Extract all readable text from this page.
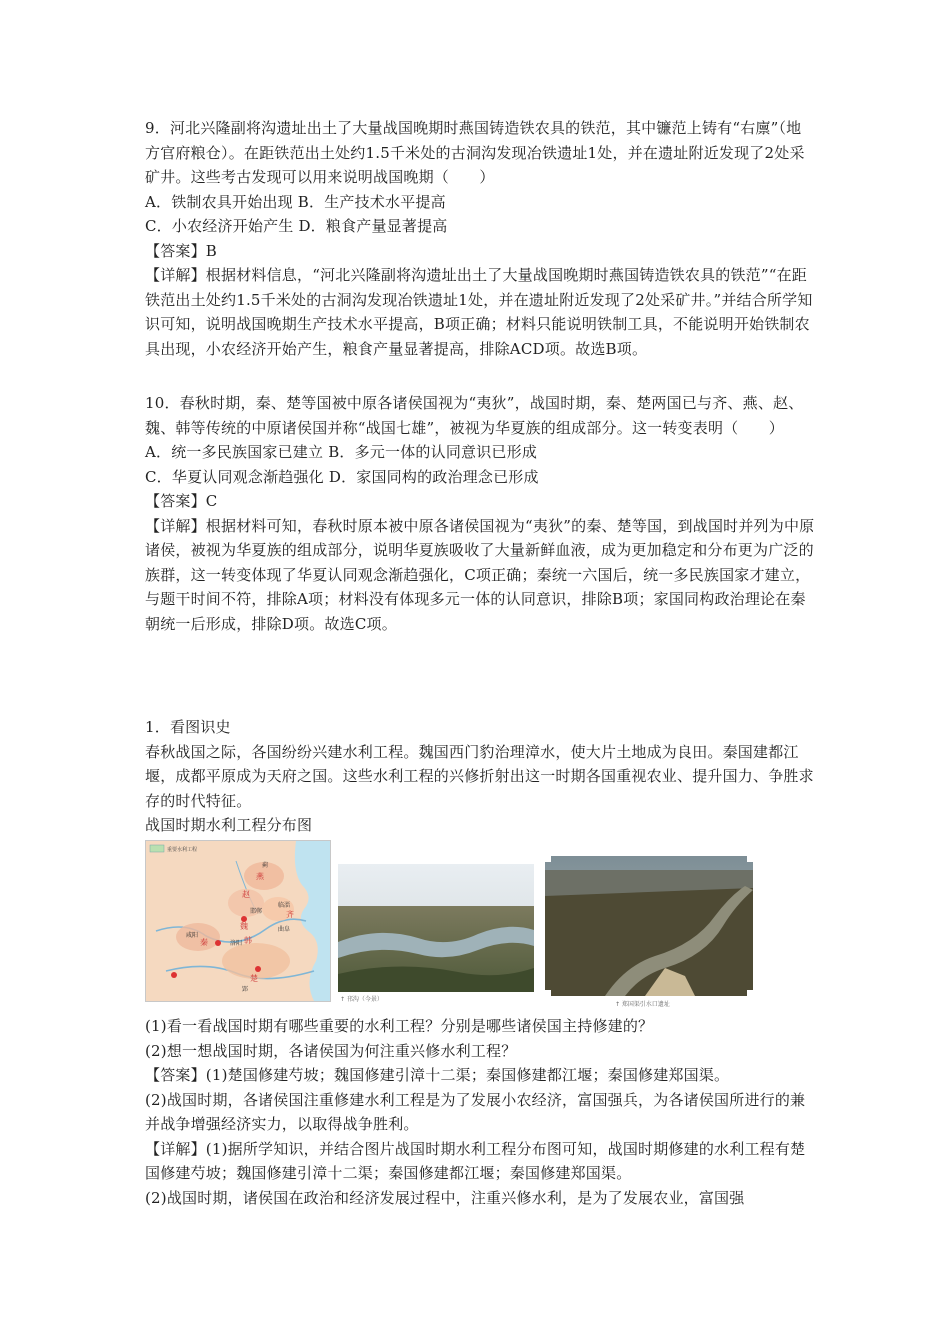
9．河北兴隆副将沟遗址出土了大量战国晚期时燕国铸造铁农具的铁范，其中镰范上铸有“右廪”（地方官府粮仓）。在距铁范出土处约1.5千米处的古洞沟发现冶铁遗址1处，并在遗址附近发现了2处采矿井。这些考古发现可以用来说明战国晚期（　　）

A．铁制农具开始出现 B．生产技术水平提高

C．小农经济开始产生 D．粮食产量显著提高

【答案】B

【详解】根据材料信息，“河北兴隆副将沟遗址出土了大量战国晚期时燕国铸造铁农具的铁范”“在距铁范出土处约1.5千米处的古洞沟发现冶铁遗址1处，并在遗址附近发现了2处采矿井。”并结合所学知识可知，说明战国晚期生产技术水平提高，B项正确；材料只能说明铁制工具，不能说明开始铁制农具出现，小农经济开始产生，粮食产量显著提高，排除ACD项。故选B项。

10．春秋时期，秦、楚等国被中原各诸侯国视为“夷狄”，战国时期，秦、楚两国已与齐、燕、赵、魏、韩等传统的中原诸侯国并称“战国七雄”，被视为华夏族的组成部分。这一转变表明（　　）

A．统一多民族国家已建立 B．多元一体的认同意识已形成

C．华夏认同观念渐趋强化 D．家国同构的政治理念已形成

【答案】C

【详解】根据材料可知，春秋时原本被中原各诸侯国视为“夷狄”的秦、楚等国，到战国时并列为中原诸侯，被视为华夏族的组成部分，说明华夏族吸收了大量新鲜血液，成为更加稳定和分布更为广泛的族群，这一转变体现了华夏认同观念渐趋强化，C项正确；秦统一六国后，统一多民族国家才建立，与题干时间不符，排除A项；材料没有体现多元一体的认同意识，排除B项；家国同构政治理论在秦朝统一后形成，排除D项。故选C项。

1．看图识史

春秋战国之际，各国纷纷兴建水利工程。魏国西门豹治理漳水，使大片土地成为良田。秦国建都江堰，成都平原成为天府之国。这些水利工程的兴修折射出这一时期各国重视农业、提升国力、争胜求存的时代特征。

战国时期水利工程分布图

重要水利工程
蓟
燕
赵
邯郸
临淄
齐
曲阜
魏
咸阳
秦	洛阳 韩
楚
郢
↑ 邗沟（今景）
↑ 郑国渠引水口遗址

(1)看一看战国时期有哪些重要的水利工程？分别是哪些诸侯国主持修建的？

(2)想一想战国时期，各诸侯国为何注重兴修水利工程？

【答案】(1)楚国修建芍坡；魏国修建引漳十二渠；秦国修建都江堰；秦国修建郑国渠。

(2)战国时期，各诸侯国注重修建水利工程是为了发展小农经济，富国强兵，为各诸侯国所进行的兼并战争增强经济实力，以取得战争胜利。

【详解】(1)据所学知识，并结合图片战国时期水利工程分布图可知，战国时期修建的水利工程有楚国修建芍坡；魏国修建引漳十二渠；秦国修建都江堰；秦国修建郑国渠。

(2)战国时期，诸侯国在政治和经济发展过程中，注重兴修水利，是为了发展农业，富国强
